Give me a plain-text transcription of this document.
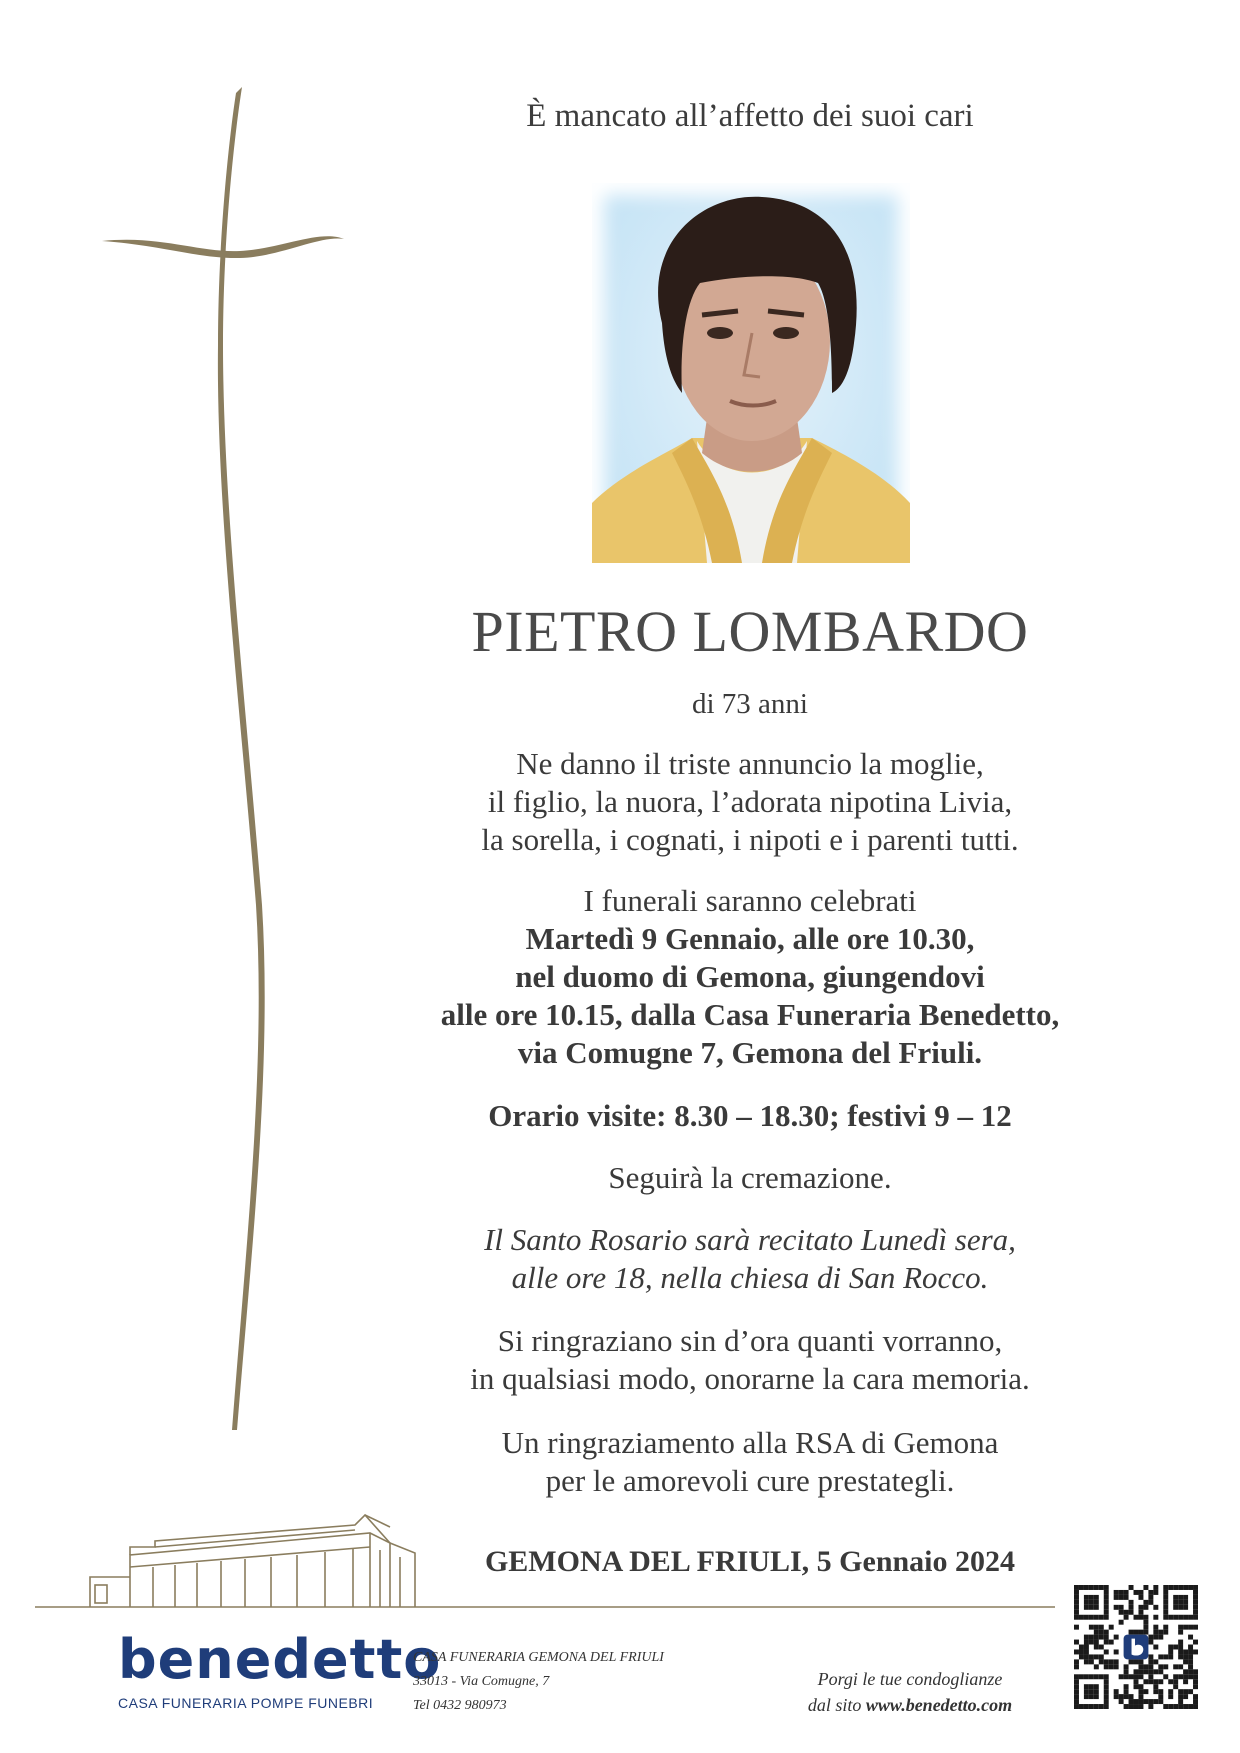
È mancato all’affetto dei suoi cari
PIETRO LOMBARDO
di 73 anni
Ne danno il triste annuncio la moglie,
il figlio, la nuora, l’adorata nipotina Livia,
la sorella, i cognati, i nipoti e i parenti tutti.
I funerali saranno celebrati
Martedì 9 Gennaio, alle ore 10.30,
nel duomo di Gemona, giungendovi
alle ore 10.15, dalla Casa Funeraria Benedetto,
via Comugne 7, Gemona del Friuli.
Orario visite: 8.30 – 18.30; festivi 9 – 12
Seguirà la cremazione.
Il Santo Rosario sarà recitato Lunedì sera,
alle ore 18, nella chiesa di San Rocco.
Si ringraziano sin d’ora quanti vorranno,
in qualsiasi modo, onorarne la cara memoria.
Un ringraziamento alla RSA di Gemona
per le amorevoli cure prestategli.
GEMONA DEL FRIULI, 5 Gennaio 2024
benedetto
CASA FUNERARIA POMPE FUNEBRI
CASA FUNERARIA GEMONA DEL FRIULI
33013 - Via Comugne, 7
Tel 0432 980973
Porgi le tue condoglianze
dal sito www.benedetto.com
